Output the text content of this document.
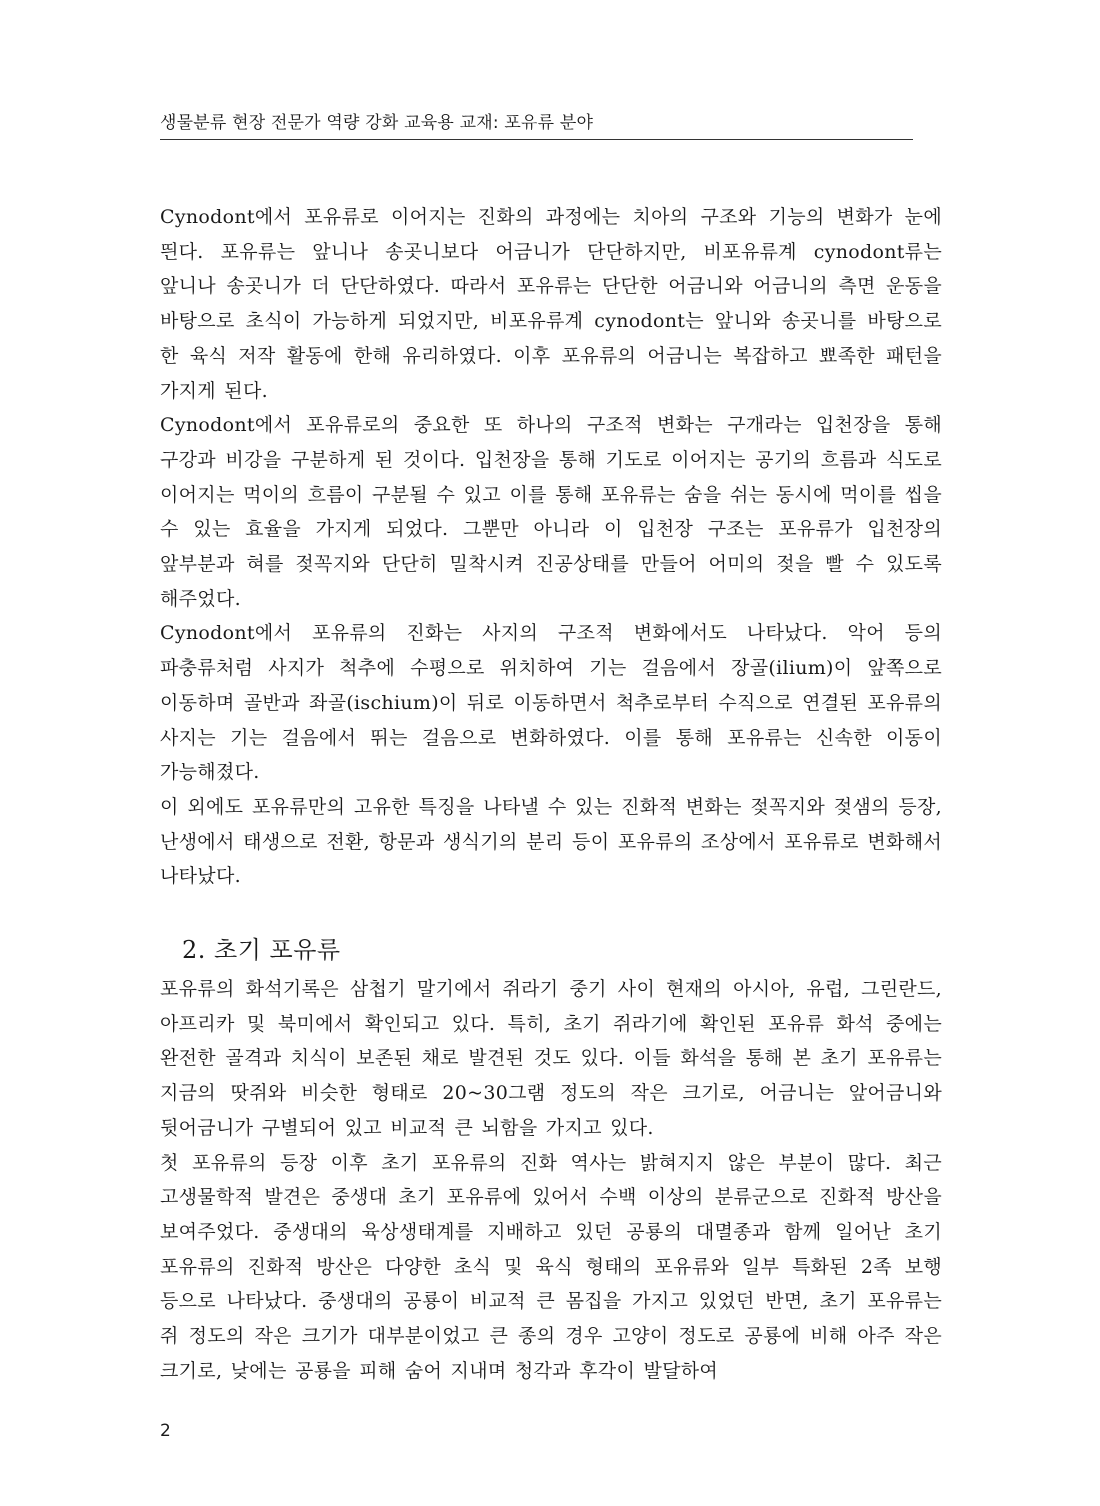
생물분류 현장 전문가 역량 강화 교육용 교재: 포유류 분야

Cynodont에서 포유류로 이어지는 진화의 과정에는 치아의 구조와 기능의 변화가 눈에 띈다. 포유류는 앞니나 송곳니보다 어금니가 단단하지만, 비포유류계 cynodont류는 앞니나 송곳니가 더 단단하였다. 따라서 포유류는 단단한 어금니와 어금니의 측면 운동을 바탕으로 초식이 가능하게 되었지만, 비포유류계 cynodont는 앞니와 송곳니를 바탕으로 한 육식 저작 활동에 한해 유리하였다. 이후 포유류의 어금니는 복잡하고 뾰족한 패턴을 가지게 된다.

Cynodont에서 포유류로의 중요한 또 하나의 구조적 변화는 구개라는 입천장을 통해 구강과 비강을 구분하게 된 것이다. 입천장을 통해 기도로 이어지는 공기의 흐름과 식도로 이어지는 먹이의 흐름이 구분될 수 있고 이를 통해 포유류는 숨을 쉬는 동시에 먹이를 씹을 수 있는 효율을 가지게 되었다. 그뿐만 아니라 이 입천장 구조는 포유류가 입천장의 앞부분과 혀를 젖꼭지와 단단히 밀착시켜 진공상태를 만들어 어미의 젖을 빨 수 있도록 해주었다.

Cynodont에서 포유류의 진화는 사지의 구조적 변화에서도 나타났다. 악어 등의 파충류처럼 사지가 척추에 수평으로 위치하여 기는 걸음에서 장골(ilium)이 앞쪽으로 이동하며 골반과 좌골(ischium)이 뒤로 이동하면서 척추로부터 수직으로 연결된 포유류의 사지는 기는 걸음에서 뛰는 걸음으로 변화하였다. 이를 통해 포유류는 신속한 이동이 가능해졌다.

이 외에도 포유류만의 고유한 특징을 나타낼 수 있는 진화적 변화는 젖꼭지와 젖샘의 등장, 난생에서 태생으로 전환, 항문과 생식기의 분리 등이 포유류의 조상에서 포유류로 변화해서 나타났다.

2. 초기 포유류

포유류의 화석기록은 삼첩기 말기에서 쥐라기 중기 사이 현재의 아시아, 유럽, 그린란드, 아프리카 및 북미에서 확인되고 있다. 특히, 초기 쥐라기에 확인된 포유류 화석 중에는 완전한 골격과 치식이 보존된 채로 발견된 것도 있다. 이들 화석을 통해 본 초기 포유류는 지금의 땃쥐와 비슷한 형태로 20~30그램 정도의 작은 크기로, 어금니는 앞어금니와 뒷어금니가 구별되어 있고 비교적 큰 뇌함을 가지고 있다.

첫 포유류의 등장 이후 초기 포유류의 진화 역사는 밝혀지지 않은 부분이 많다. 최근 고생물학적 발견은 중생대 초기 포유류에 있어서 수백 이상의 분류군으로 진화적 방산을 보여주었다. 중생대의 육상생태계를 지배하고 있던 공룡의 대멸종과 함께 일어난 초기 포유류의 진화적 방산은 다양한 초식 및 육식 형태의 포유류와 일부 특화된 2족 보행 등으로 나타났다. 중생대의 공룡이 비교적 큰 몸집을 가지고 있었던 반면, 초기 포유류는 쥐 정도의 작은 크기가 대부분이었고 큰 종의 경우 고양이 정도로 공룡에 비해 아주 작은 크기로, 낮에는 공룡을 피해 숨어 지내며 청각과 후각이 발달하여

2
